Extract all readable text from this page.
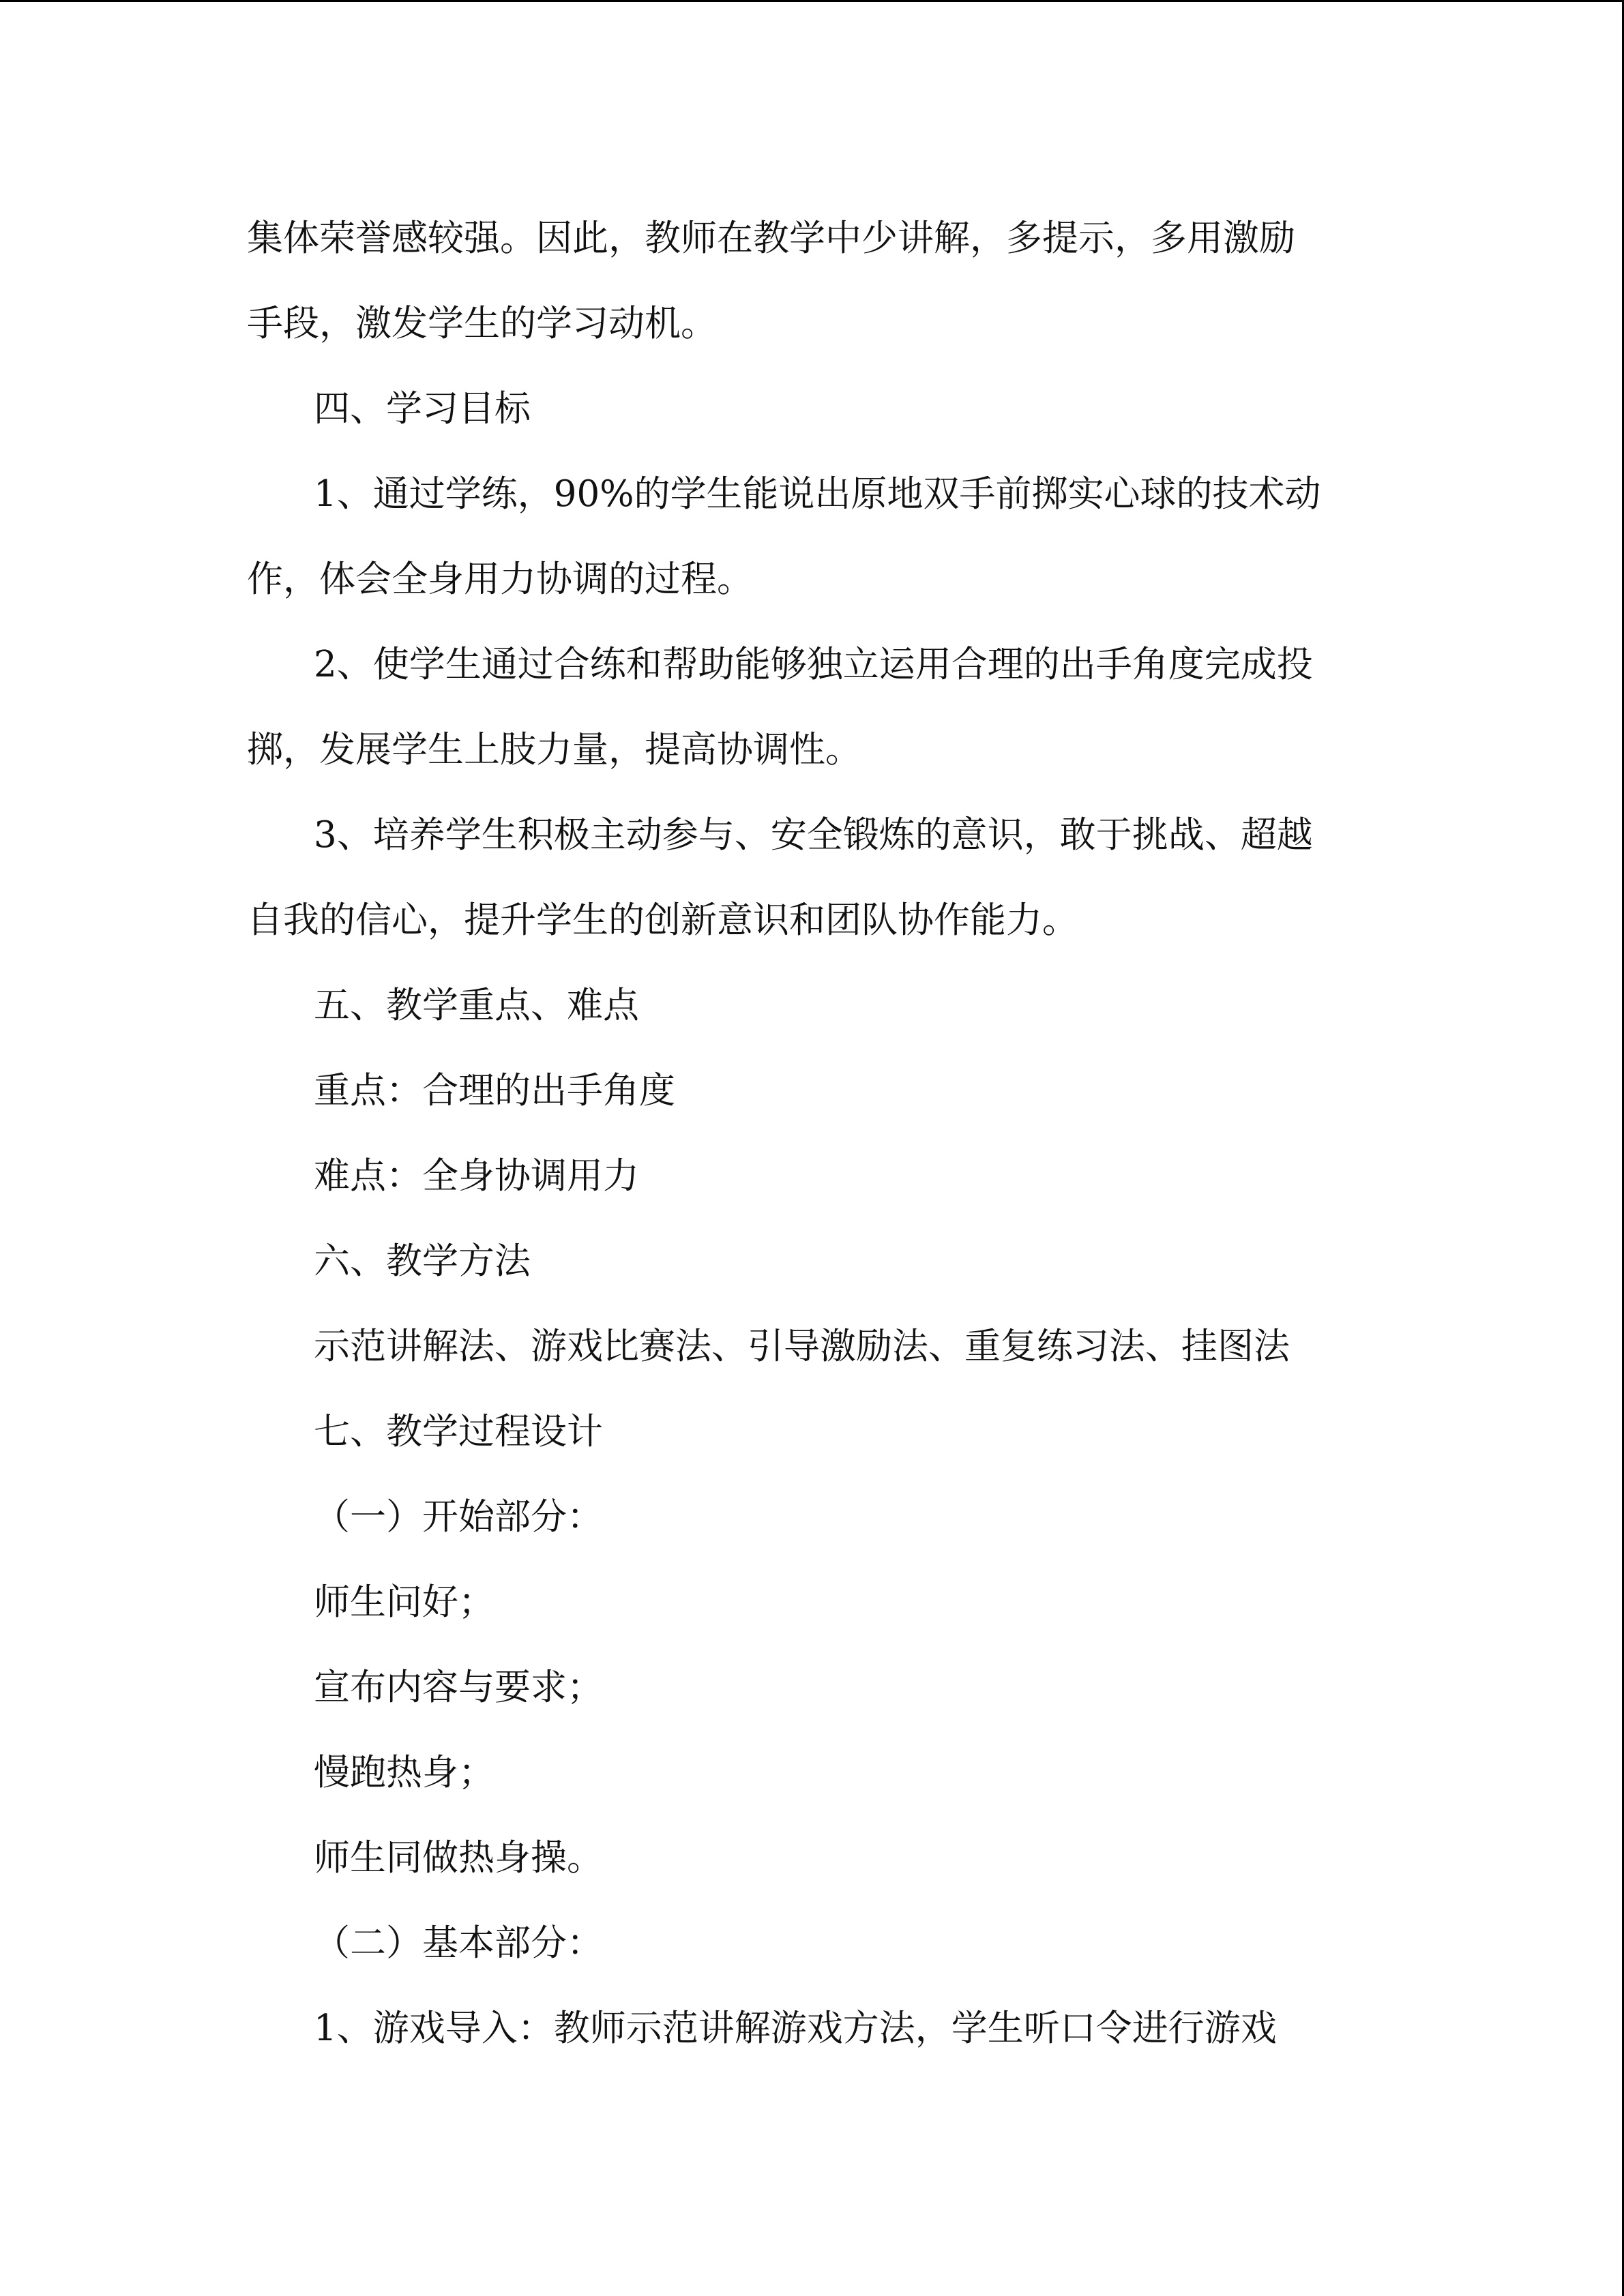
集体荣誉感较强。因此，教师在教学中少讲解，多提示，多用激励
手段，激发学生的学习动机。
四、学习目标
1、通过学练，90%的学生能说出原地双手前掷实心球的技术动
作，体会全身用力协调的过程。
2、使学生通过合练和帮助能够独立运用合理的出手角度完成投
掷，发展学生上肢力量，提高协调性。
3、培养学生积极主动参与、安全锻炼的意识，敢于挑战、超越
自我的信心，提升学生的创新意识和团队协作能力。
五、教学重点、难点
重点：合理的出手角度
难点：全身协调用力
六、教学方法
示范讲解法、游戏比赛法、引导激励法、重复练习法、挂图法
七、教学过程设计
（一）开始部分：
师生问好；
宣布内容与要求；
慢跑热身；
师生同做热身操。
（二）基本部分：
1、游戏导入：教师示范讲解游戏方法，学生听口令进行游戏
